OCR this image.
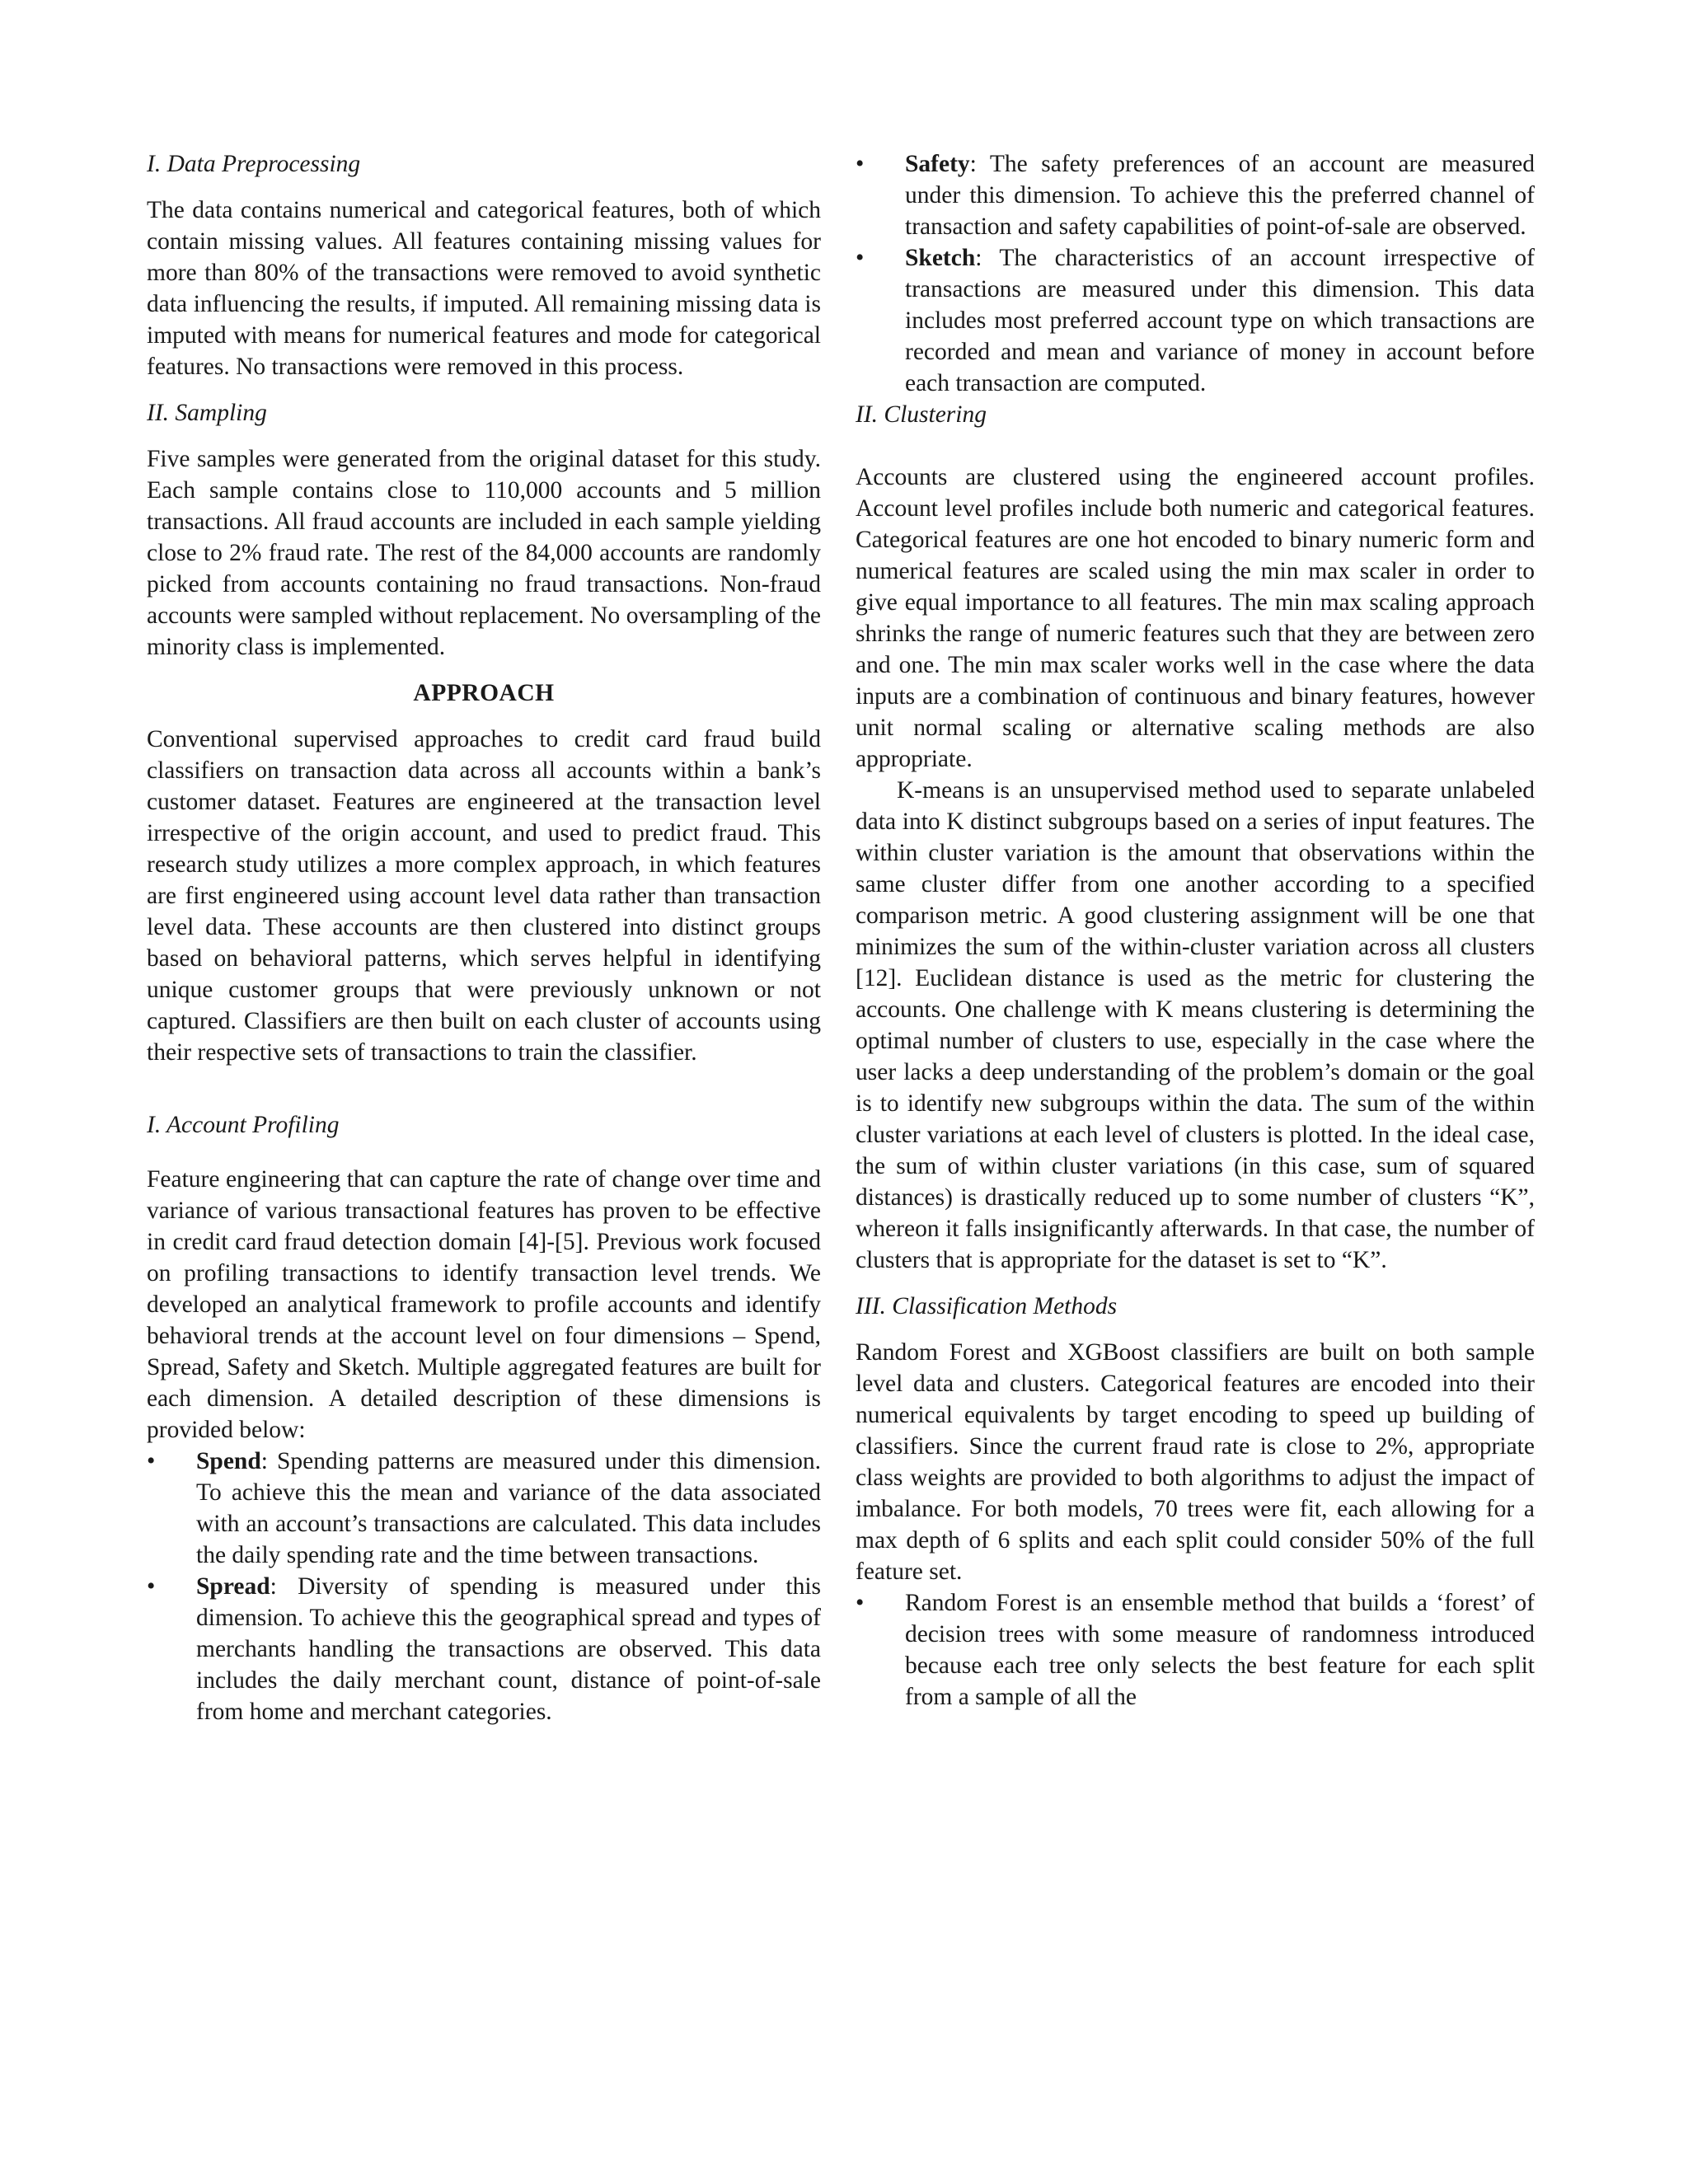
I. Data Preprocessing

The data contains numerical and categorical features, both of which contain missing values. All features containing missing values for more than 80% of the transactions were removed to avoid synthetic data influencing the results, if imputed. All remaining missing data is imputed with means for numerical features and mode for categorical features. No transactions were removed in this process.

II. Sampling

Five samples were generated from the original dataset for this study. Each sample contains close to 110,000 accounts and 5 million transactions. All fraud accounts are included in each sample yielding close to 2% fraud rate. The rest of the 84,000 accounts are randomly picked from accounts containing no fraud transactions. Non-fraud accounts were sampled without replacement. No oversampling of the minority class is implemented.

APPROACH

Conventional supervised approaches to credit card fraud build classifiers on transaction data across all accounts within a bank’s customer dataset. Features are engineered at the transaction level irrespective of the origin account, and used to predict fraud. This research study utilizes a more complex approach, in which features are first engineered using account level data rather than transaction level data. These accounts are then clustered into distinct groups based on behavioral patterns, which serves helpful in identifying unique customer groups that were previously unknown or not captured. Classifiers are then built on each cluster of accounts using their respective sets of transactions to train the classifier.

I. Account Profiling

Feature engineering that can capture the rate of change over time and variance of various transactional features has proven to be effective in credit card fraud detection domain [4]-[5]. Previous work focused on profiling transactions to identify transaction level trends. We developed an analytical framework to profile accounts and identify behavioral trends at the account level on four dimensions – Spend, Spread, Safety and Sketch. Multiple aggregated features are built for each dimension. A detailed description of these dimensions is provided below:

•	Spend: Spending patterns are measured under this dimension. To achieve this the mean and variance of the data associated with an account’s transactions are calculated. This data includes the daily spending rate and the time between transactions.
•	Spread: Diversity of spending is measured under this dimension. To achieve this the geographical spread and types of merchants handling the transactions are observed. This data includes the daily merchant count, distance of point-of-sale from home and merchant categories.
•	Safety: The safety preferences of an account are measured under this dimension. To achieve this the preferred channel of transaction and safety capabilities of point-of-sale are observed.
•	Sketch: The characteristics of an account irrespective of transactions are measured under this dimension. This data includes most preferred account type on which transactions are recorded and mean and variance of money in account before each transaction are computed.
II. Clustering

Accounts are clustered using the engineered account profiles. Account level profiles include both numeric and categorical features. Categorical features are one hot encoded to binary numeric form and numerical features are scaled using the min max scaler in order to give equal importance to all features. The min max scaling approach shrinks the range of numeric features such that they are between zero and one. The min max scaler works well in the case where the data inputs are a combination of continuous and binary features, however unit normal scaling or alternative scaling methods are also appropriate.

K-means is an unsupervised method used to separate unlabeled data into K distinct subgroups based on a series of input features. The within cluster variation is the amount that observations within the same cluster differ from one another according to a specified comparison metric. A good clustering assignment will be one that minimizes the sum of the within-cluster variation across all clusters [12]. Euclidean distance is used as the metric for clustering the accounts. One challenge with K means clustering is determining the optimal number of clusters to use, especially in the case where the user lacks a deep understanding of the problem’s domain or the goal is to identify new subgroups within the data. The sum of the within cluster variations at each level of clusters is plotted. In the ideal case, the sum of within cluster variations (in this case, sum of squared distances) is drastically reduced up to some number of clusters “K”, whereon it falls insignificantly afterwards. In that case, the number of clusters that is appropriate for the dataset is set to “K”.

III. Classification Methods

Random Forest and XGBoost classifiers are built on both sample level data and clusters. Categorical features are encoded into their numerical equivalents by target encoding to speed up building of classifiers. Since the current fraud rate is close to 2%, appropriate class weights are provided to both algorithms to adjust the impact of imbalance. For both models, 70 trees were fit, each allowing for a max depth of 6 splits and each split could consider 50% of the full feature set.

•	Random Forest is an ensemble method that builds a ‘forest’ of decision trees with some measure of randomness introduced because each tree only selects the best feature for each split from a sample of all the
